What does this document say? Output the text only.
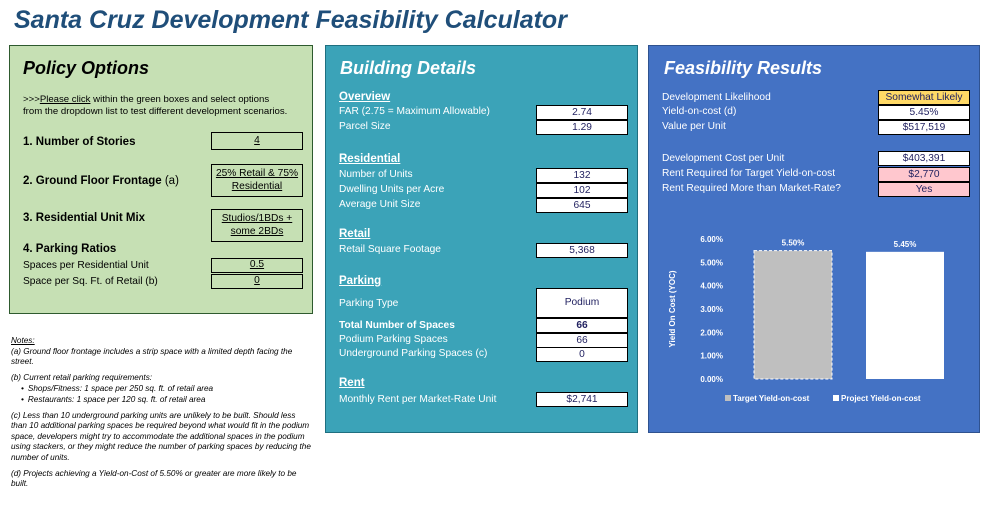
Santa Cruz Development Feasibility Calculator
Policy Options
>>>Please click within the green boxes and select options
from the dropdown list to test different development scenarios.
1. Number of Stories	4
2. Ground Floor Frontage (a)
25% Retail & 75%
Residential
3. Residential Unit Mix	Studios/1BDs +
some 2BDs
4. Parking Ratios
Spaces per Residential Unit	0.5
Space per Sq. Ft. of Retail (b)	0

Notes:

(a) Ground floor frontage includes a strip space with a limited depth facing the street.

(b) Current retail parking requirements:

• Shops/Fitness: 1 space per 250 sq. ft. of retail area
• Restaurants: 1 space per 120 sq. ft. of retail area

(c) Less than 10 underground parking units are unlikely to be built. Should less than 10 additional parking spaces be required beyond what would fit in the podium space, developers might try to accommodate the additional spaces in the podium using stackers, or they might reduce the number of parking spaces by reducing the number of units.

(d) Projects achieving a Yield-on-Cost of 5.50% or greater are more likely to be built.

Building Details
Overview
FAR (2.75 = Maximum Allowable)	2.74
Parcel Size	1.29
Residential
Number of Units	132
Dwelling Units per Acre	102
Average Unit Size	645
Retail
Retail Square Footage	5,368
Parking
Parking Type	Podium
Total Number of Spaces	66
Podium Parking Spaces	66
Underground Parking Spaces (c)	0
Rent
Monthly Rent per Market-Rate Unit	$2,741
Feasibility Results
Development Likelihood	Somewhat Likely
Yield-on-cost (d)	5.45%
Value per Unit	$517,519
Development Cost per Unit	$403,391
Rent Required for Target Yield-on-cost	$2,770
Rent Required More than Market-Rate?	Yes
Yield On Cost (YOC)
0.00%
1.00%
2.00%
3.00%
4.00%
5.00%
6.00%	5.50%	5.45%
Target Yield-on-cost	Project Yield-on-cost
